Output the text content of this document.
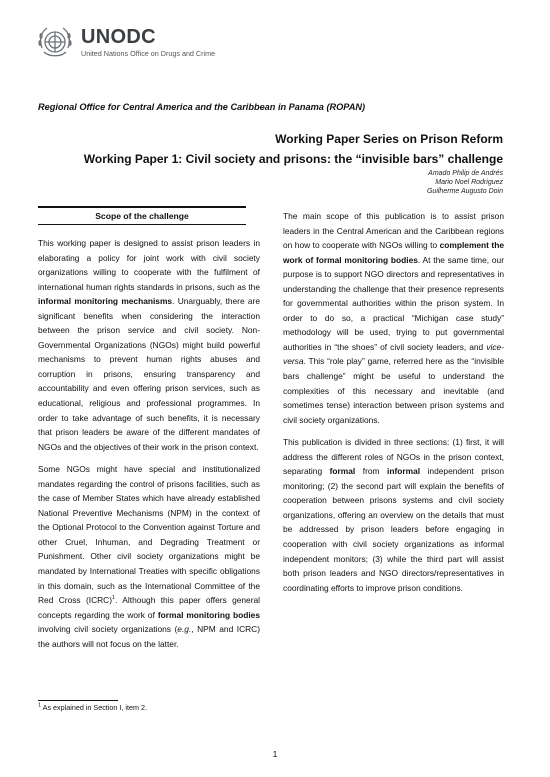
UNODC
United Nations Office on Drugs and Crime
Regional Office for Central America and the Caribbean in Panama (ROPAN)
Working Paper Series on Prison Reform
Working Paper 1: Civil society and prisons: the “invisible bars” challenge
Amado Philip de Andrés
Mario Noel Rodriguez
Guilherme Augusto Doin
Scope of the challenge

This working paper is designed to assist prison leaders in elaborating a policy for joint work with civil society organizations willing to cooperate with the fulfilment of international human rights standards in prisons, such as the informal monitoring mechanisms. Unarguably, there are significant benefits when considering the interaction between the prison service and civil society. Non-Governmental Organizations (NGOs) might build powerful mechanisms to prevent human rights abuses and corruption in prisons, ensuring transparency and accountability and even offering prison services, such as educational, religious and professional programmes. In order to take advantage of such benefits, it is necessary that prison leaders be aware of the different mandates of NGOs and the objectives of their work in the prison context.

Some NGOs might have special and institutionalized mandates regarding the control of prisons facilities, such as the case of Member States which have already established National Preventive Mechanisms (NPM) in the context of the Optional Protocol to the Convention against Torture and other Cruel, Inhuman, and Degrading Treatment or Punishment. Other civil society organizations might be mandated by International Treaties with specific obligations in this domain, such as the International Committee of the Red Cross (ICRC)$^1$. Although this paper offers general concepts regarding the work of formal monitoring bodies involving civil society organizations (e.g., NPM and ICRC) the authors will not focus on the latter.

The main scope of this publication is to assist prison leaders in the Central American and the Caribbean regions on how to cooperate with NGOs willing to complement the work of formal monitoring bodies. At the same time, our purpose is to support NGO directors and representatives in understanding the challenge that their presence represents for governmental authorities within the prison system. In order to do so, a practical “Michigan case study” methodology will be used, trying to put governmental authorities in “the shoes” of civil society leaders, and vice-versa. This “role play” game, referred here as the “invisible bars challenge” might be useful to understand the complexities of this necessary and inevitable (and sometimes tense) interaction between prison systems and civil society organizations.

This publication is divided in three sections: (1) first, it will address the different roles of NGOs in the prison context, separating formal from informal independent prison monitoring; (2) the second part will explain the benefits of cooperation between prisons systems and civil society organizations, offering an overview on the details that must be addressed by prison leaders before engaging in cooperation with civil society organizations as informal independent monitors; (3) while the third part will assist both prison leaders and NGO directors/representatives in coordinating efforts to improve prison conditions.

$^1$ As explained in Section I, item 2.
1
